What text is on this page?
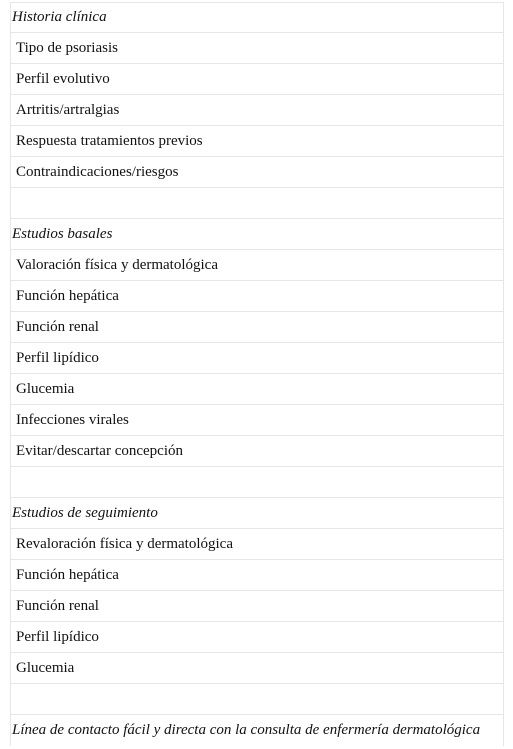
Historia clínica
Tipo de psoriasis
Perfil evolutivo
Artritis/artralgias
Respuesta tratamientos previos
Contraindicaciones/riesgos
Estudios basales
Valoración física y dermatológica
Función hepática
Función renal
Perfil lipídico
Glucemia
Infecciones virales
Evitar/descartar concepción
Estudios de seguimiento
Revaloración física y dermatológica
Función hepática
Función renal
Perfil lipídico
Glucemia
Línea de contacto fácil y directa con la consulta de enfermería dermatológica
